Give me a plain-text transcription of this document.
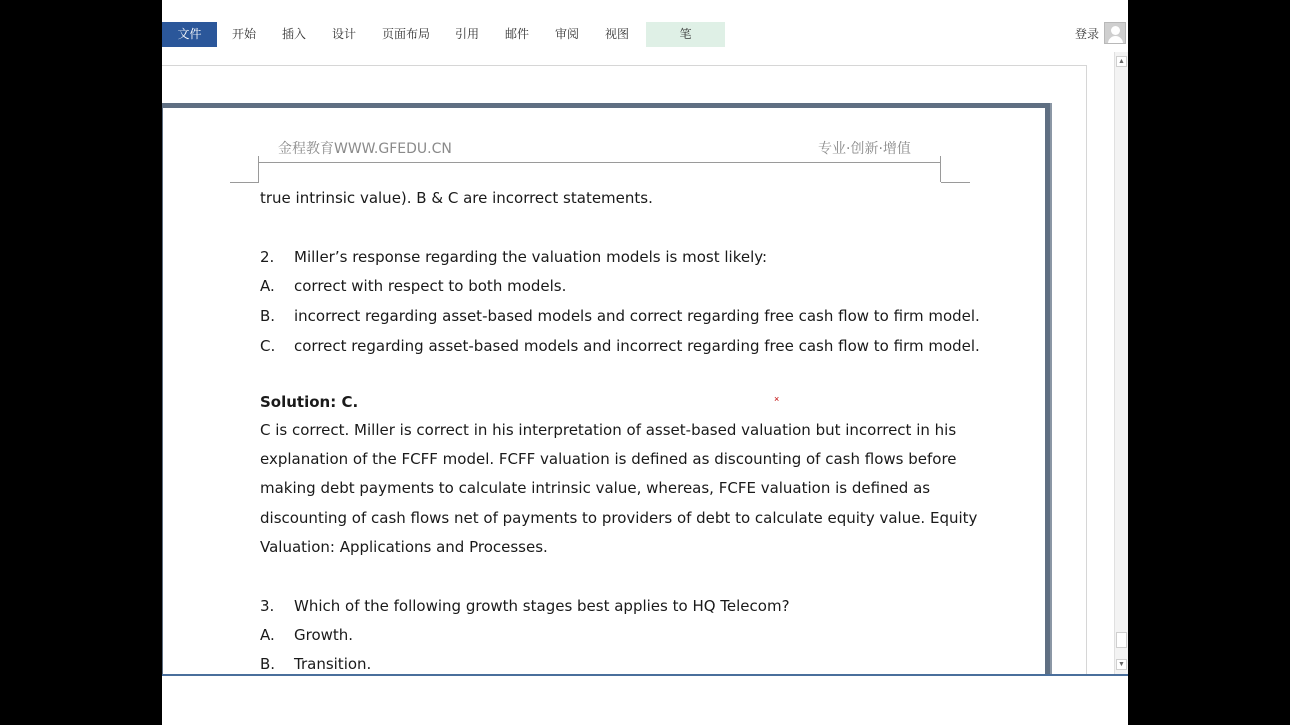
文件	开始	插入	设计	页面布局	引用	邮件	审阅	视图	笔	登录
金程教育WWW.GFEDU.CN	专业·创新·增值
true intrinsic value). B & C are incorrect statements.
2. Miller’s response regarding the valuation models is most likely:
A. correct with respect to both models.
B. incorrect regarding asset-based models and correct regarding free cash flow to firm model.
C. correct regarding asset-based models and incorrect regarding free cash flow to firm model.
Solution: C.	×
C is correct. Miller is correct in his interpretation of asset-based valuation but incorrect in his
explanation of the FCFF model. FCFF valuation is defined as discounting of cash flows before
making debt payments to calculate intrinsic value, whereas, FCFE valuation is defined as
discounting of cash flows net of payments to providers of debt to calculate equity value. Equity
Valuation: Applications and Processes.
3. Which of the following growth stages best applies to HQ Telecom?
A. Growth.
B. Transition.
▲
▼
